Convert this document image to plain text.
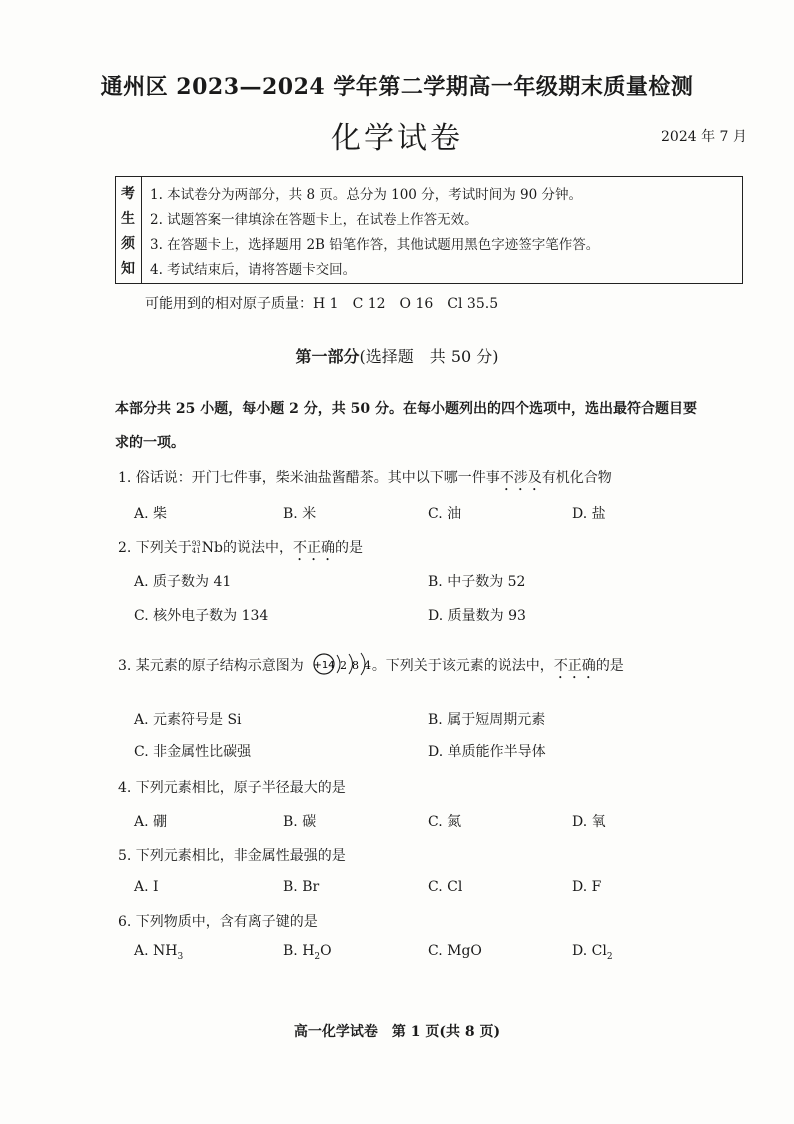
通州区 2023—2024 学年第二学期高一年级期末质量检测
化学试卷	2024 年 7 月
考
生
须
知
1. 本试卷分为两部分，共 8 页。总分为 100 分，考试时间为 90 分钟。
2. 试题答案一律填涂在答题卡上，在试卷上作答无效。
3. 在答题卡上，选择题用 2B 铅笔作答，其他试题用黑色字迹签字笔作答。
4. 考试结束后，请将答题卡交回。
可能用到的相对原子质量：H 1　C 12　O 16　Cl 35.5
第一部分(选择题　共 50 分)
本部分共 25 小题，每小题 2 分，共 50 分。在每小题列出的四个选项中，选出最符合题目要
求的一项。
1. 俗话说：开门七件事，柴米油盐酱醋茶。其中以下哪一件事不涉及有机化合物
A. 柴	B. 米	C. 油	D. 盐
2. 下列关于 93
41 Nb的说法中，不正确的是
A. 质子数为 41	B. 中子数为 52
C. 核外电子数为 134	D. 质量数为 93
3. 某元素的原子结构示意图为	。下列关于该元素的说法中，不正确的是
+14 2 8 4
A. 元素符号是 Si	B. 属于短周期元素
C. 非金属性比碳强	D. 单质能作半导体
4. 下列元素相比，原子半径最大的是
A. 硼	B. 碳	C. 氮	D. 氧
5. 下列元素相比，非金属性最强的是
A. I	B. Br	C. Cl	D. F
6. 下列物质中，含有离子键的是
A. $NH_3$	B. $H_2O$	C. MgO	D. $Cl_2$
高一化学试卷　第 1 页(共 8 页)
